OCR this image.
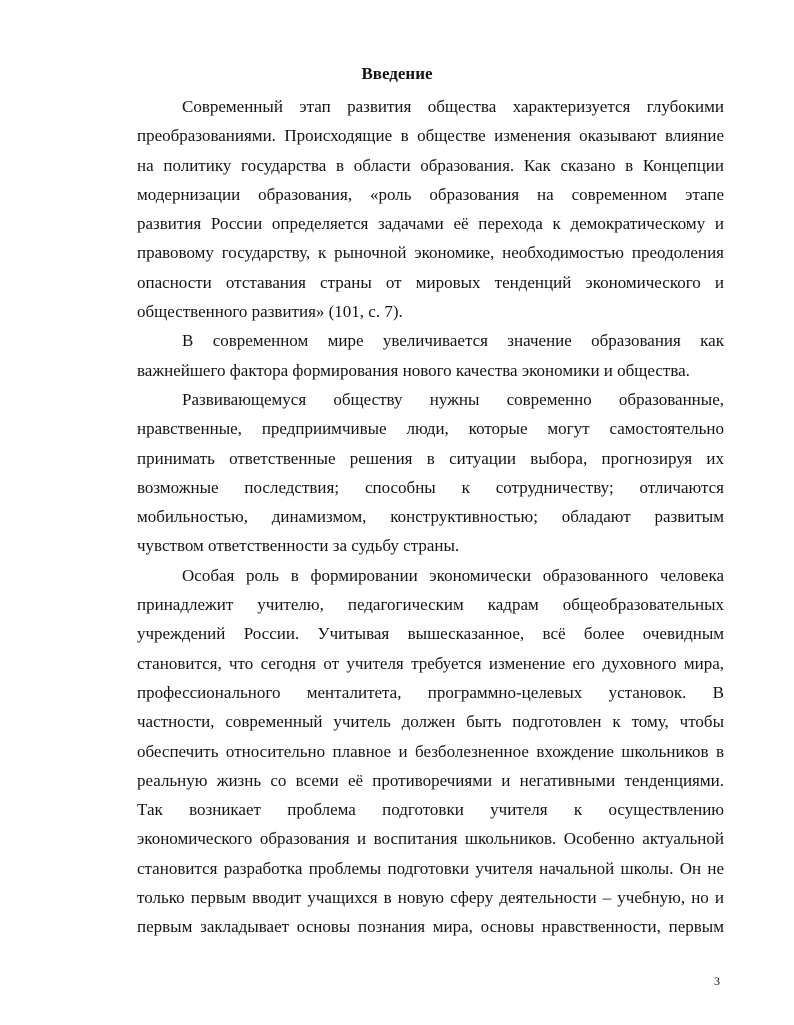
Введение
Современный этап развития общества характеризуется глубокими
преобразованиями. Происходящие в обществе изменения оказывают влияние
на политику государства в области образования. Как сказано в Концепции
модернизации образования, «роль образования на современном этапе
развития России определяется задачами её перехода к демократическому и
правовому государству, к рыночной экономике, необходимостью преодоления
опасности отставания страны от мировых тенденций экономического и
общественного развития» (101, с. 7).
В современном мире увеличивается значение образования как
важнейшего фактора формирования нового качества экономики и общества.
Развивающемуся обществу нужны современно образованные,
нравственные, предприимчивые люди, которые могут самостоятельно
принимать ответственные решения в ситуации выбора, прогнозируя их
возможные последствия; способны к сотрудничеству; отличаются
мобильностью, динамизмом, конструктивностью; обладают развитым
чувством ответственности за судьбу страны.
Особая роль в формировании экономически образованного человека
принадлежит учителю, педагогическим кадрам общеобразовательных
учреждений России. Учитывая вышесказанное, всё более очевидным
становится, что сегодня от учителя требуется изменение его духовного мира,
профессионального менталитета, программно-целевых установок. В
частности, современный учитель должен быть подготовлен к тому, чтобы
обеспечить относительно плавное и безболезненное вхождение школьников в
реальную жизнь со всеми её противоречиями и негативными тенденциями.
Так возникает проблема подготовки учителя к осуществлению
экономического образования и воспитания школьников. Особенно актуальной
становится разработка проблемы подготовки учителя начальной школы. Он не
только первым вводит учащихся в новую сферу деятельности – учебную, но и
первым закладывает основы познания мира, основы нравственности, первым
3
